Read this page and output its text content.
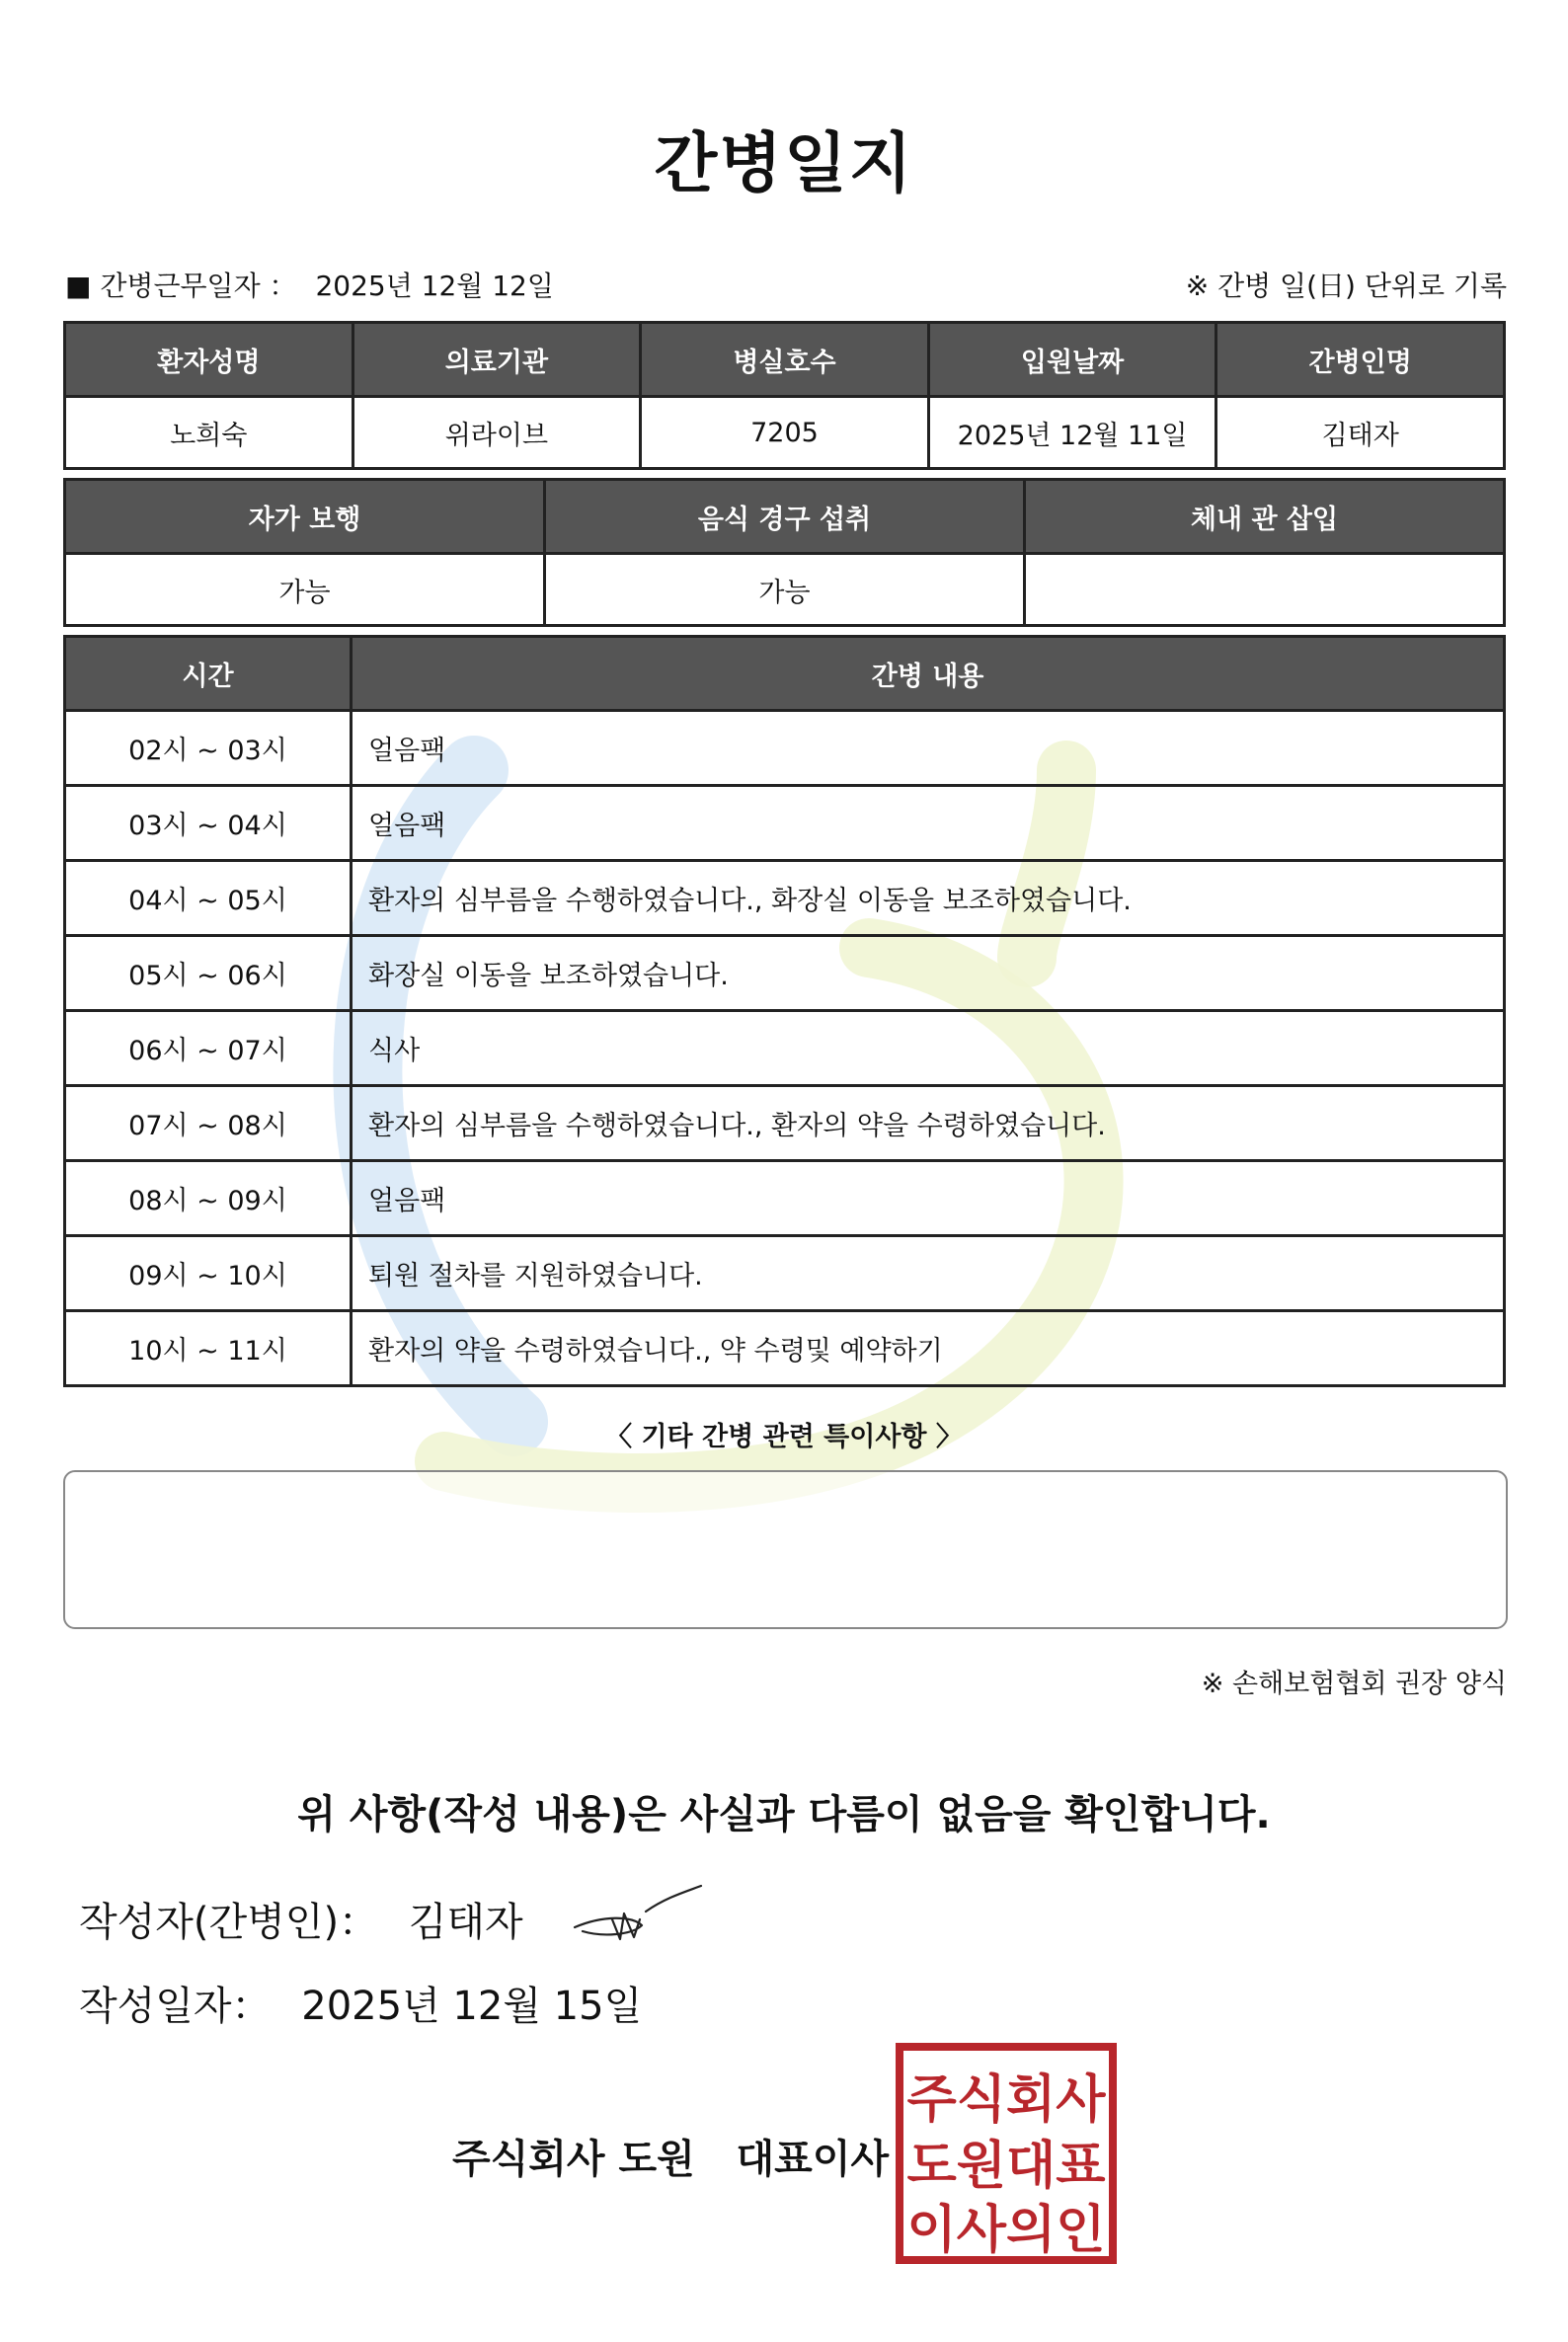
간병일지
■ 간병근무일자 ： 2025년 12월 12일	※ 간병 일(日) 단위로 기록
환자성명	의료기관	병실호수	입원날짜	간병인명
노희숙	위라이브	7205	2025년 12월 11일	김태자
자가 보행	음식 경구 섭취	체내 관 삽입
가능	가능	
시간	간병 내용
02시 ~ 03시	얼음팩
03시 ~ 04시	얼음팩
04시 ~ 05시	환자의 심부름을 수행하였습니다., 화장실 이동을 보조하였습니다.
05시 ~ 06시	화장실 이동을 보조하였습니다.
06시 ~ 07시	식사
07시 ~ 08시	환자의 심부름을 수행하였습니다., 환자의 약을 수령하였습니다.
08시 ~ 09시	얼음팩
09시 ~ 10시	퇴원 절차를 지원하였습니다.
10시 ~ 11시	환자의 약을 수령하였습니다., 약 수령및 예약하기
〈 기타 간병 관련 특이사항 〉
※ 손해보험협회 권장 양식
위 사항(작성 내용)은 사실과 다름이 없음을 확인합니다.
작성자(간병인)： 김태자
작성일자： 2025년 12월 15일
주식회사 도원   대표이사
주식회사
도원대표
이사의인
